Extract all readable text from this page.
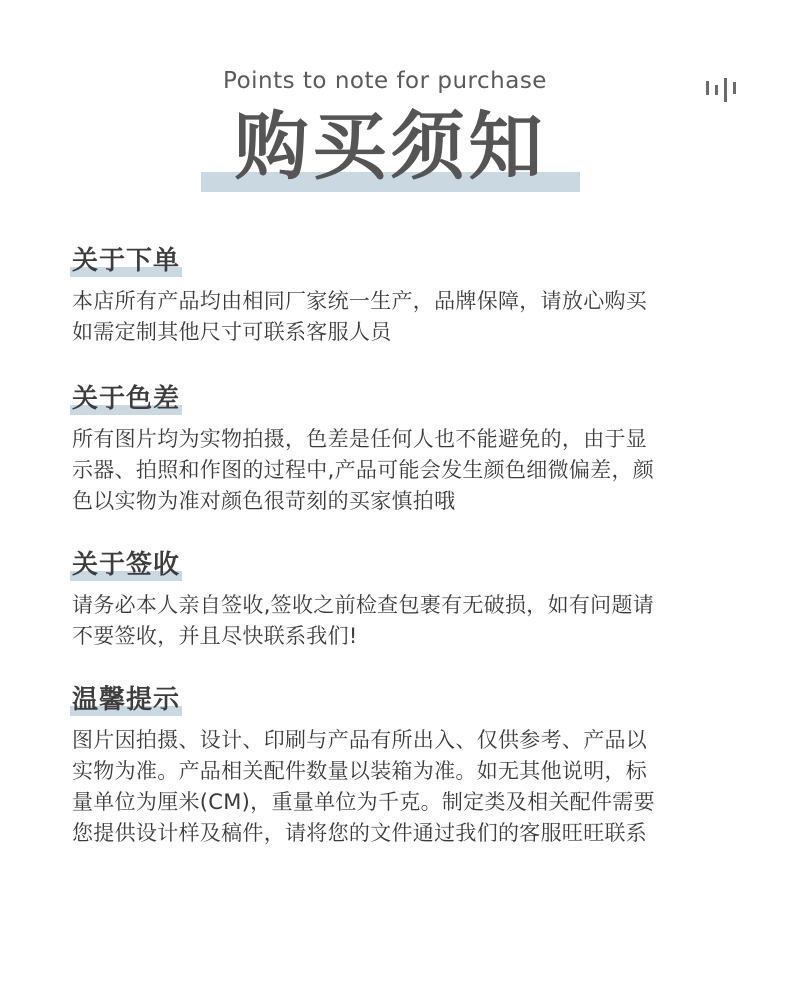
Points to note for purchase
购买须知
关于下单
本店所有产品均由相同厂家统一生产，品牌保障，请放心购买
如需定制其他尺寸可联系客服人员
关于色差
所有图片均为实物拍摄，色差是任何人也不能避免的，由于显
示器、拍照和作图的过程中,产品可能会发生颜色细微偏差，颜
色以实物为准对颜色很苛刻的买家慎拍哦
关于签收
请务必本人亲自签收,签收之前检查包裹有无破损，如有问题请
不要签收，并且尽快联系我们!
温馨提示
图片因拍摄、设计、印刷与产品有所出入、仅供参考、产品以
实物为准。产品相关配件数量以装箱为准。如无其他说明，标
量单位为厘米(CM)，重量单位为千克。制定类及相关配件需要
您提供设计样及稿件，请将您的文件通过我们的客服旺旺联系
